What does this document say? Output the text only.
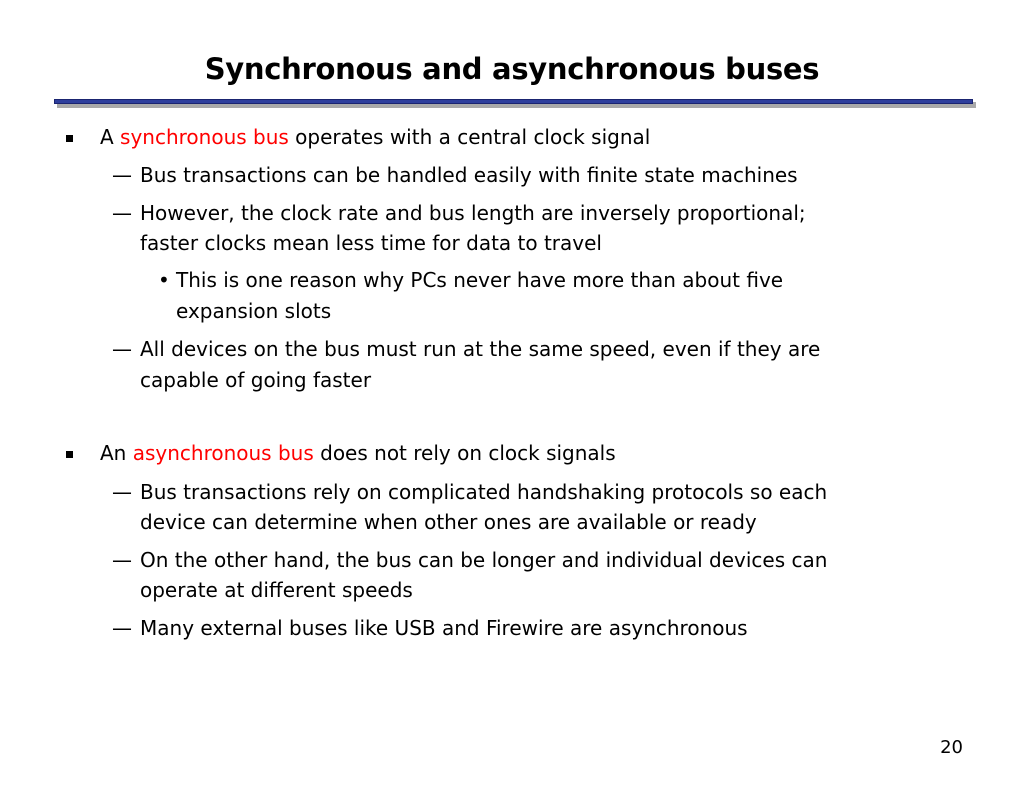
Synchronous and asynchronous buses
A synchronous bus operates with a central clock signal
— Bus transactions can be handled easily with finite state machines
— However, the clock rate and bus length are inversely proportional;
faster clocks mean less time for data to travel
• This is one reason why PCs never have more than about five
expansion slots
— All devices on the bus must run at the same speed, even if they are
capable of going faster
An asynchronous bus does not rely on clock signals
— Bus transactions rely on complicated handshaking protocols so each
device can determine when other ones are available or ready
— On the other hand, the bus can be longer and individual devices can
operate at different speeds
— Many external buses like USB and Firewire are asynchronous
20
